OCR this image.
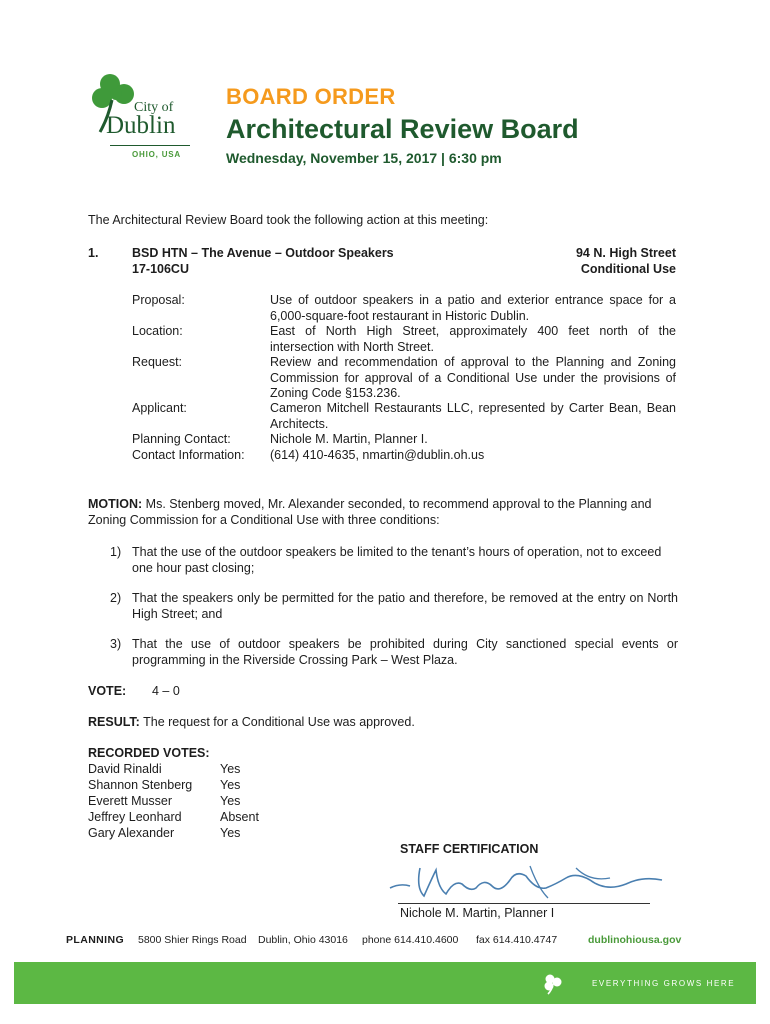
City of
Dublin
OHIO, USA
BOARD ORDER
Architectural Review Board
Wednesday, November 15, 2017 | 6:30 pm
The Architectural Review Board took the following action at this meeting:
1.	BSD HTN – The Avenue – Outdoor Speakers
17-106CU
94 N. High Street
Conditional Use
Proposal:	Use of outdoor speakers in a patio and exterior entrance space for a 6,000-square-foot restaurant in Historic Dublin.
Location:	East of North High Street, approximately 400 feet north of the intersection with North Street.
Request:	Review and recommendation of approval to the Planning and Zoning Commission for approval of a Conditional Use under the provisions of Zoning Code §153.236.
Applicant:	Cameron Mitchell Restaurants LLC, represented by Carter Bean, Bean Architects.
Planning Contact:	Nichole M. Martin, Planner I.
Contact Information: (614) 410-4635, nmartin@dublin.oh.us
MOTION: Ms. Stenberg moved, Mr. Alexander seconded, to recommend approval to the Planning and Zoning Commission for a Conditional Use with three conditions:
1) That the use of the outdoor speakers be limited to the tenant’s hours of operation, not to exceed one hour past closing;
2) That the speakers only be permitted for the patio and therefore, be removed at the entry on North High Street; and
3) That the use of outdoor speakers be prohibited during City sanctioned special events or programming in the Riverside Crossing Park – West Plaza.
VOTE: 4 – 0
RESULT: The request for a Conditional Use was approved.
RECORDED VOTES:
David Rinaldi	Yes
Shannon Stenberg Yes
Everett Musser	Yes
Jeffrey Leonhard	Absent
Gary Alexander	Yes
STAFF CERTIFICATION
Nichole M. Martin, Planner I
PLANNING 5800 Shier Rings Road Dublin, Ohio 43016 phone 614.410.4600 fax 614.410.4747	dublinohiousa.gov
EVERYTHING GROWS HERE
